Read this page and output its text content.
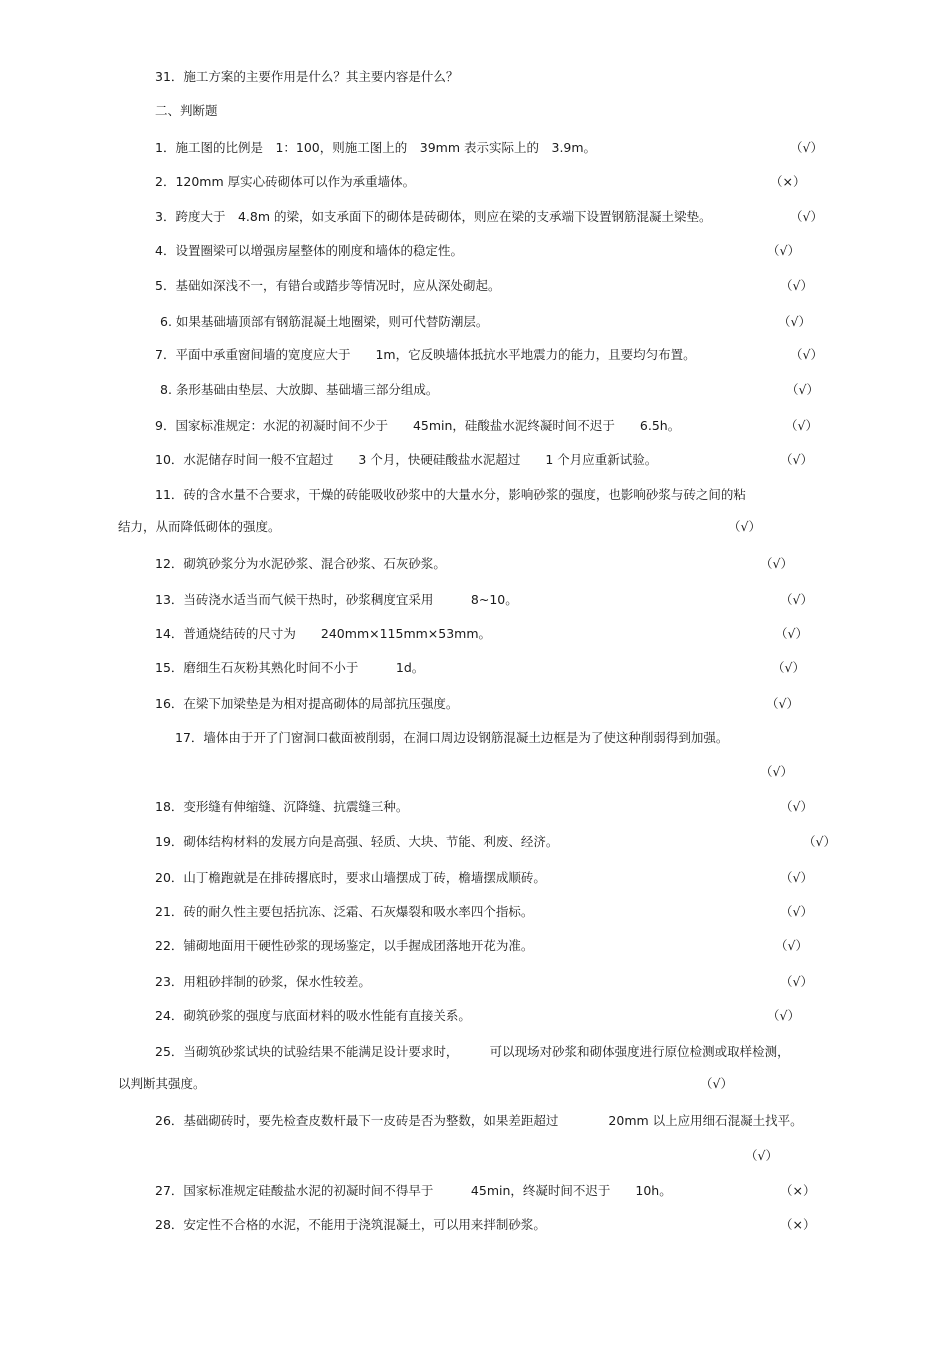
31．施工方案的主要作用是什么？其主要内容是什么？
二、判断题
1．施工图的比例是　1：100，则施工图上的　39mm 表示实际上的　3.9m。	（√）
2．120mm 厚实心砖砌体可以作为承重墙体。	（×）
3．跨度大于　4.8m 的梁，如支承面下的砌体是砖砌体，则应在梁的支承端下设置钢筋混凝土梁垫。	（√）
4．设置圈梁可以增强房屋整体的刚度和墙体的稳定性。	（√）
5．基础如深浅不一，有错台或踏步等情况时，应从深处砌起。	（√）
6. 如果基础墙顶部有钢筋混凝土地圈梁，则可代替防潮层。	（√）
7．平面中承重窗间墙的宽度应大于　　1m，它反映墙体抵抗水平地震力的能力，且要均匀布置。	（√）
8. 条形基础由垫层、大放脚、基础墙三部分组成。	（√）
9．国家标准规定：水泥的初凝时间不少于　　45min，硅酸盐水泥终凝时间不迟于　　6.5h。	（√）
10．水泥储存时间一般不宜超过　　3 个月，快硬硅酸盐水泥超过　　1 个月应重新试验。	（√）
11．砖的含水量不合要求，干燥的砖能吸收砂浆中的大量水分，影响砂浆的强度，也影响砂浆与砖之间的粘
结力，从而降低砌体的强度。	（√）
12．砌筑砂浆分为水泥砂浆、混合砂浆、石灰砂浆。	（√）
13．当砖浇水适当而气候干热时，砂浆稠度宜采用　　　8~10。	（√）
14．普通烧结砖的尺寸为　　240mm×115mm×53mm。	（√）
15．磨细生石灰粉其熟化时间不小于　　　1d。	（√）
16．在梁下加梁垫是为相对提高砌体的局部抗压强度。	（√）
17．墙体由于开了门窗洞口截面被削弱，在洞口周边设钢筋混凝土边框是为了使这种削弱得到加强。
（√）
18．变形缝有伸缩缝、沉降缝、抗震缝三种。	（√）
19．砌体结构材料的发展方向是高强、轻质、大块、节能、利废、经济。	（√）
20．山丁檐跑就是在排砖撂底时，要求山墙摆成丁砖，檐墙摆成顺砖。	（√）
21．砖的耐久性主要包括抗冻、泛霜、石灰爆裂和吸水率四个指标。	（√）
22．铺砌地面用干硬性砂浆的现场鉴定，以手握成团落地开花为准。	（√）
23．用粗砂拌制的砂浆，保水性较差。	（√）
24．砌筑砂浆的强度与底面材料的吸水性能有直接关系。	（√）
25．当砌筑砂浆试块的试验结果不能满足设计要求时，　　　可以现场对砂浆和砌体强度进行原位检测或取样检测，
以判断其强度。	（√）
26．基础砌砖时，要先检查皮数杆最下一皮砖是否为整数，如果差距超过　　　　20mm 以上应用细石混凝土找平。
（√）
27．国家标准规定硅酸盐水泥的初凝时间不得早于　　　45min，终凝时间不迟于　　10h。	（×）
28．安定性不合格的水泥，不能用于浇筑混凝土，可以用来拌制砂浆。	（×）
